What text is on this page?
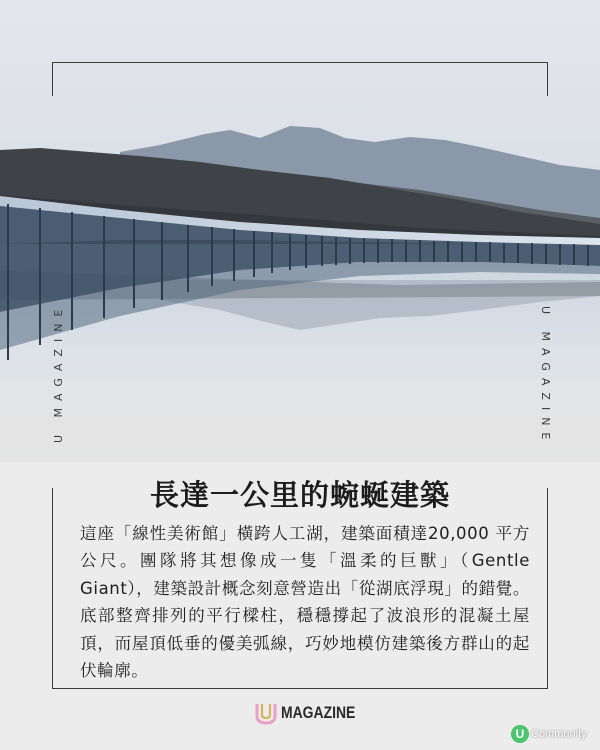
U MAGAZINE	U MAGAZINE
長達一公里的蜿蜒建築
這座「線性美術館」橫跨人工湖，建築面積達20,000 平方公尺。團隊將其想像成一隻「溫柔的巨獸」（Gentle Giant），建築設計概念刻意營造出「從湖底浮現」的錯覺。底部整齊排列的平行樑柱，穩穩撐起了波浪形的混凝土屋頂，而屋頂低垂的優美弧線，巧妙地模仿建築後方群山的起伏輪廓。
MAGAZINE
U Community
